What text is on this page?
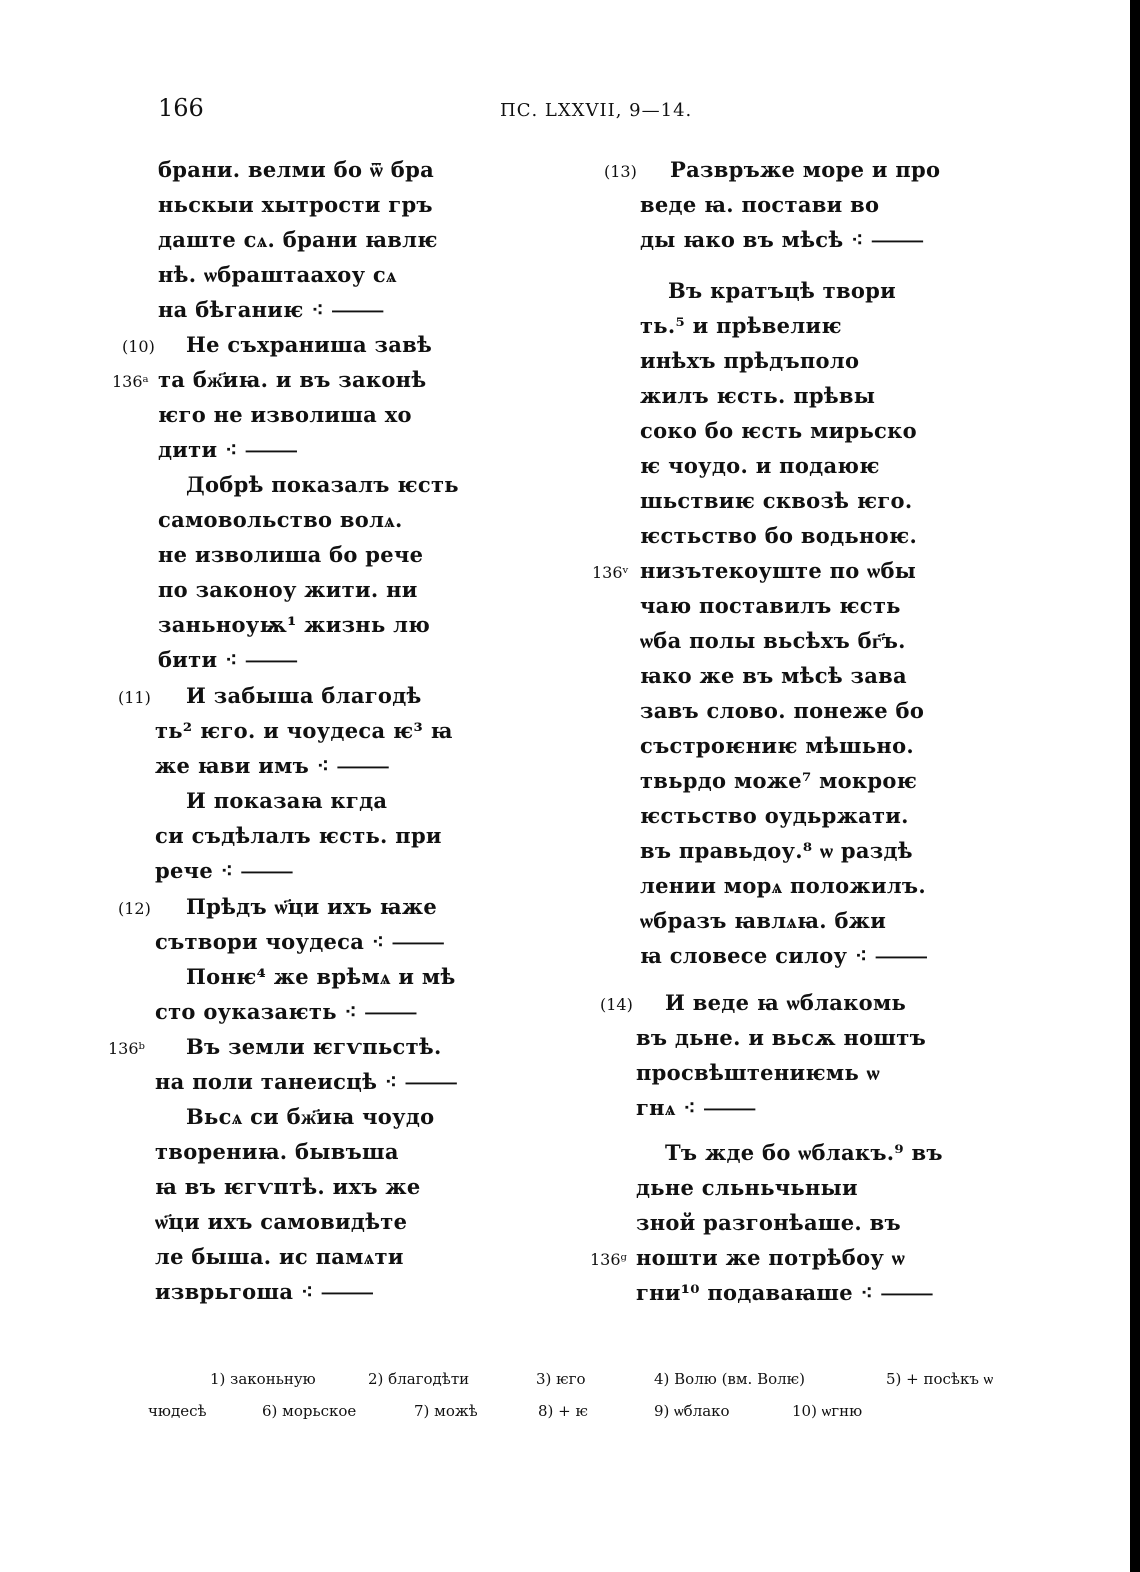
166	ПС. LXXVII, 9—14.
брани. велми бо ѿ бра
ньскыи хытрости гръ
даште сѧ. брани ꙗвлѥ
нѣ. ѡбраштаахоу сѧ
на бѣганиѥ ⁖ ⸻
(10) Не съхраниша завѣ
136ᵃ та бж҃иꙗ. и въ законѣ
ѥго не изволиша хо
дити ⁖ ⸻
Добрѣ показалъ ѥсть
самовольство волѧ.
не изволиша бо рече
по законоу жити. ни
заньноуѭ¹ жизнь лю
бити ⁖ ⸻
(11) И забыша благодѣ
ть² ѥго. и чоудеса ѥ³ ꙗ
же ꙗви имъ ⁖ ⸻
И показаꙗ кгда
си съдѣлалъ ѥсть. при
рече ⁖ ⸻
(12) Прѣдъ ѡ҃ци ихъ ꙗже
сътвори чоудеса ⁖ ⸻
Понѥ⁴ же врѣмѧ и мѣ
сто оуказаѥть ⁖ ⸻
136ᵇ Въ земли ѥгѵпьстѣ.
на поли танеисцѣ ⁖ ⸻
Вьсѧ си бж҃иꙗ чоудо
творениꙗ. бывъша
ꙗ въ ѥгѵптѣ. ихъ же
ѡ҃ци ихъ самовидѣте
ле быша. ис памѧти
изврьгоша ⁖ ⸻
(13) Развръже море и про
веде ꙗ. постави во
ды ꙗко въ мѣсѣ ⁖ ⸻
Въ кратъцѣ твори
ть.⁵ и прѣвелиѥ
инѣхъ прѣдъполо
жилъ ѥсть. прѣвы
соко бо ѥсть мирьско
ѥ чоудо. и подаюѥ
шьствиѥ сквозѣ ѥго.
ѥстьство бо водьноѥ.
136ᵛ низътекоуште по ѡбы
чаю поставилъ ѥсть
ѡба полы вьсѣхъ бг҃ъ.
ꙗко же въ мѣсѣ зава
завъ слово. понеже бо
състроѥниѥ мѣшьно.
твьрдо може⁷ мокроѥ
ѥстьство оудьржати.
въ правьдоу.⁸ ѡ раздѣ
лении морѧ положилъ.
ѡбразъ ꙗвлѧꙗ. бжи
ꙗ словесе силоу ⁖ ⸻
(14) И веде ꙗ ѡблакомь
въ дьне. и вьсѫ ноштъ
просвѣштениѥмь ѡ
гнѧ ⁖ ⸻
Тъ жде бо ѡблакъ.⁹ въ
дьне сльньчьныи
зной разгонѣаше. въ
136ᵍ ношти же потрѣбоу ѡ
гни¹⁰ подаваꙗше ⁖ ⸻
1) законьную	2) благодѣти	3) ѥго	4) Волю (вм. Волѥ)	5) + посѣкъ ѡ
чюдесѣ	6) морьское	7) можѣ	8) + ѥ	9) ѡблако	10) ѡгню
